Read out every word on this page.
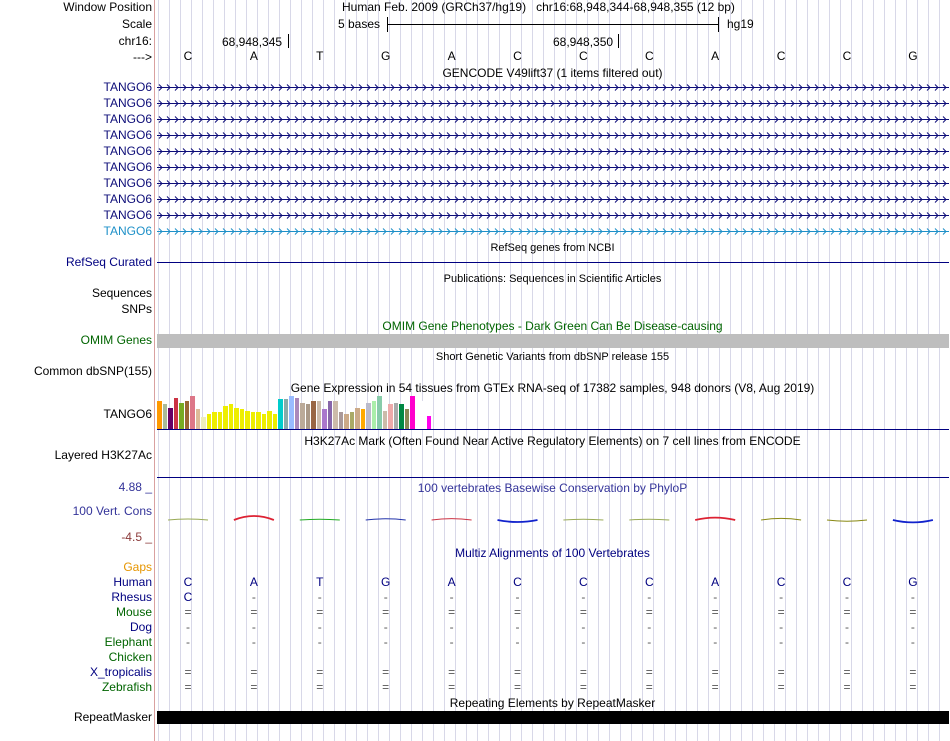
Window Position
Scale
chr16:
--->
Human Feb. 2009 (GRCh37/hg19)   chr16:68,948,344-68,948,355 (12 bp)
5 bases	hg19
68,948,345	68,948,350
C	A	T	G	A	C	C	C	A	C	C	G
GENCODE V49lift37 (1 items filtered out)
TANGO6
TANGO6
TANGO6
TANGO6
TANGO6
TANGO6
TANGO6
TANGO6
TANGO6
TANGO6
RefSeq genes from NCBI
RefSeq Curated
Publications: Sequences in Scientific Articles
Sequences
SNPs
OMIM Gene Phenotypes - Dark Green Can Be Disease-causing
OMIM Genes
Short Genetic Variants from dbSNP release 155
Common dbSNP(155)
Gene Expression in 54 tissues from GTEx RNA-seq of 17382 samples, 948 donors (V8, Aug 2019)
TANGO6
H3K27Ac Mark (Often Found Near Active Regulatory Elements) on 7 cell lines from ENCODE
Layered H3K27Ac
100 vertebrates Basewise Conservation by PhyloP
4.88 _
100 Vert. Cons
-4.5 _
Multiz Alignments of 100 Vertebrates
Gaps
Human	C	A	T	G	A	C	C	C	A	C	C	G
Rhesus	C	-	-	-	-	-	-	-	-	-	-	-
Mouse	=	=	=	=	=	=	=	=	=	=	=	=
Dog	-	-	-	-	-	-	-	-	-	-	-	-
Elephant	-	-	-	-	-	-	-	-	-	-	-	-
Chicken
X_tropicalis	=	=	=	=	=	=	=	=	=	=	=	=
Zebrafish	=	=	=	=	=	=	=	=	=	=	=	=
Repeating Elements by RepeatMasker
RepeatMasker
